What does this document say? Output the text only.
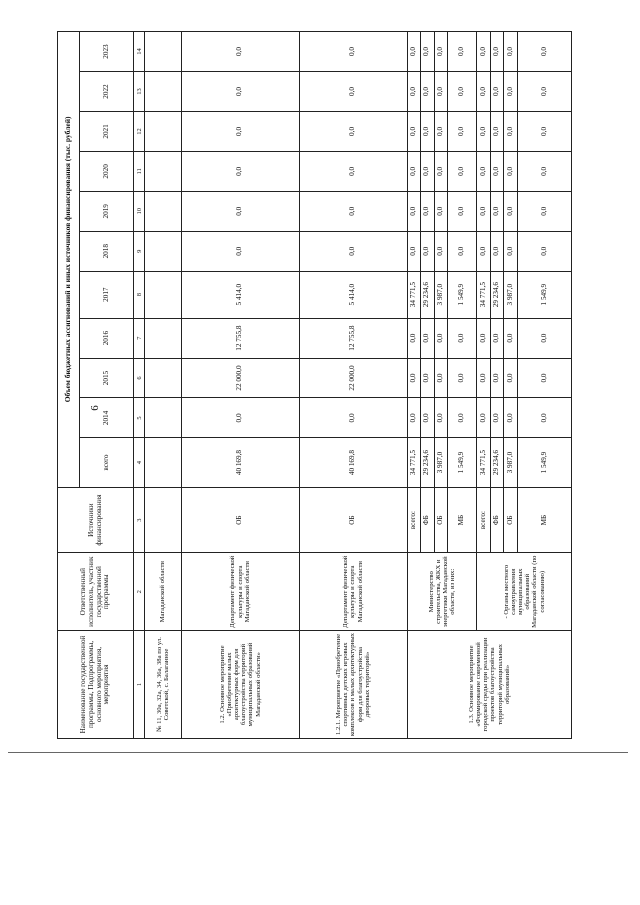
6
Наименование государственной программы, Подпрограммы, основного мероприятия, мероприятия	Ответственный исполнитель, участник государственной программы	Источники финансирования	Объем бюджетных ассигнований и иных источников финансирования (тыс. рублей)										
			всего	2014	2015	2016	2017	2018	2019	2020	2021	2022	2023
1	2	3	4	5	6	7	8	9	10	11	12	13	14
№ 11, 30а, 32а, 34, 36а, 38а по ул. Советской, с. Балаганное	Магаданской области												
1.2. Основное мероприятие «Приобретение малых архитектурных форм для благоустройства территорий муниципальных образований Магаданской области»	Департамент физической культуры и спорта Магаданской области	ОБ	40 169,8	0,0	22 000,0	12 755,8	5 414,0	0,0	0,0	0,0	0,0	0,0	0,0
1.2.1. Мероприятие «Приобретение спортивных детских игровых комплексов и малых архитектурных форм для благоустройства дворовых территорий»	Департамент физической культуры и спорта Магаданской области	ОБ	40 169,8	0,0	22 000,0	12 755,8	5 414,0	0,0	0,0	0,0	0,0	0,0	0,0
1.3. Основное мероприятие «Формирование современной городской среды при реализации проектов благоустройства территорий муниципальных образований»	Министерство строительства, ЖКХ и энергетики Магаданской области, из них:	всего:	34 771,5	0,0	0,0	0,0	34 771,5	0,0	0,0	0,0	0,0	0,0	0,0
		ФБ	29 234,6	0,0	0,0	0,0	29 234,6	0,0	0,0	0,0	0,0	0,0	0,0
		ОБ	3 987,0	0,0	0,0	0,0	3 987,0	0,0	0,0	0,0	0,0	0,0	0,0
		МБ	1 549,9	0,0	0,0	0,0	1 549,9	0,0	0,0	0,0	0,0	0,0	0,0
	- Органы местного самоуправления муниципальных образований Магаданской области (по согласованию)	всего:	34 771,5	0,0	0,0	0,0	34 771,5	0,0	0,0	0,0	0,0	0,0	0,0
		ФБ	29 234,6	0,0	0,0	0,0	29 234,6	0,0	0,0	0,0	0,0	0,0	0,0
		ОБ	3 987,0	0,0	0,0	0,0	3 987,0	0,0	0,0	0,0	0,0	0,0	0,0
		МБ	1 549,9	0,0	0,0	0,0	1 549,9	0,0	0,0	0,0	0,0	0,0	0,0
